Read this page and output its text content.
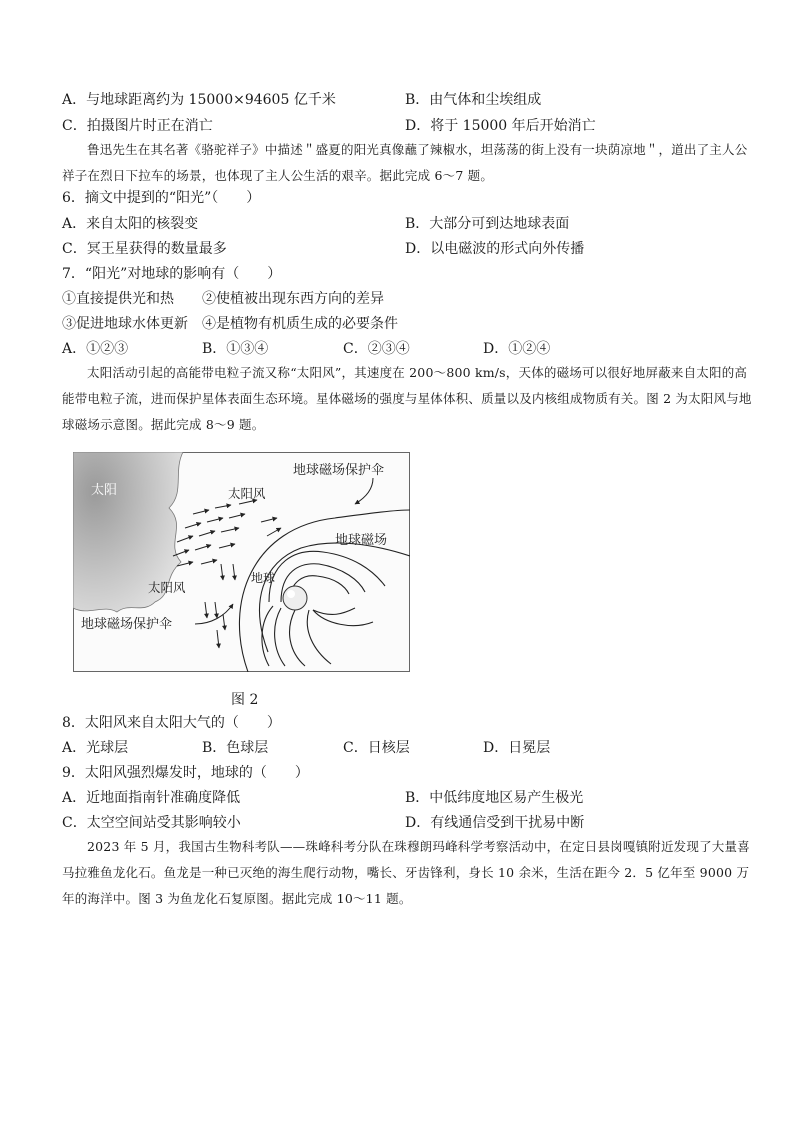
A．与地球距离约为 15000×94605 亿千米	B．由气体和尘埃组成
C．拍摄图片时正在消亡	D．将于 15000 年后开始消亡
鲁迅先生在其名著《骆驼祥子》中描述＂盛夏的阳光真像蘸了辣椒水，坦荡荡的街上没有一块荫凉地＂，道出了主人公祥子在烈日下拉车的场景，也体现了主人公生活的艰辛。据此完成 6～7 题。
6．摘文中提到的“阳光”（　　）
A．来自太阳的核裂变	B．大部分可到达地球表面
C．冥王星获得的数量最多	D．以电磁波的形式向外传播
7．“阳光”对地球的影响有（　　）
①直接提供光和热　　②使植被出现东西方向的差异
③促进地球水体更新　④是植物有机质生成的必要条件
A．①②③	B．①③④	C．②③④	D．①②④
太阳活动引起的高能带电粒子流又称“太阳风”，其速度在 200～800 km/s，天体的磁场可以很好地屏蔽来自太阳的高能带电粒子流，进而保护星体表面生态环境。星体磁场的强度与星体体积、质量以及内核组成物质有关。图 2 为太阳风与地球磁场示意图。据此完成 8～9 题。
太阳	太阳风
太阳风
地球磁场保护伞
地球磁场
地球
地球磁场保护伞
图 2
8．太阳风来自太阳大气的（　　）
A．光球层	B．色球层	C．日核层	D．日冕层
9．太阳风强烈爆发时，地球的（　　）
A．近地面指南针准确度降低	B．中低纬度地区易产生极光
C．太空空间站受其影响较小	D．有线通信受到干扰易中断
2023 年 5 月，我国古生物科考队——珠峰科考分队在珠穆朗玛峰科学考察活动中，在定日县岗嘎镇附近发现了大量喜马拉雅鱼龙化石。鱼龙是一种已灭绝的海生爬行动物，嘴长、牙齿锋利，身长 10 余米，生活在距今 2．5 亿年至 9000 万年的海洋中。图 3 为鱼龙化石复原图。据此完成 10～11 题。
